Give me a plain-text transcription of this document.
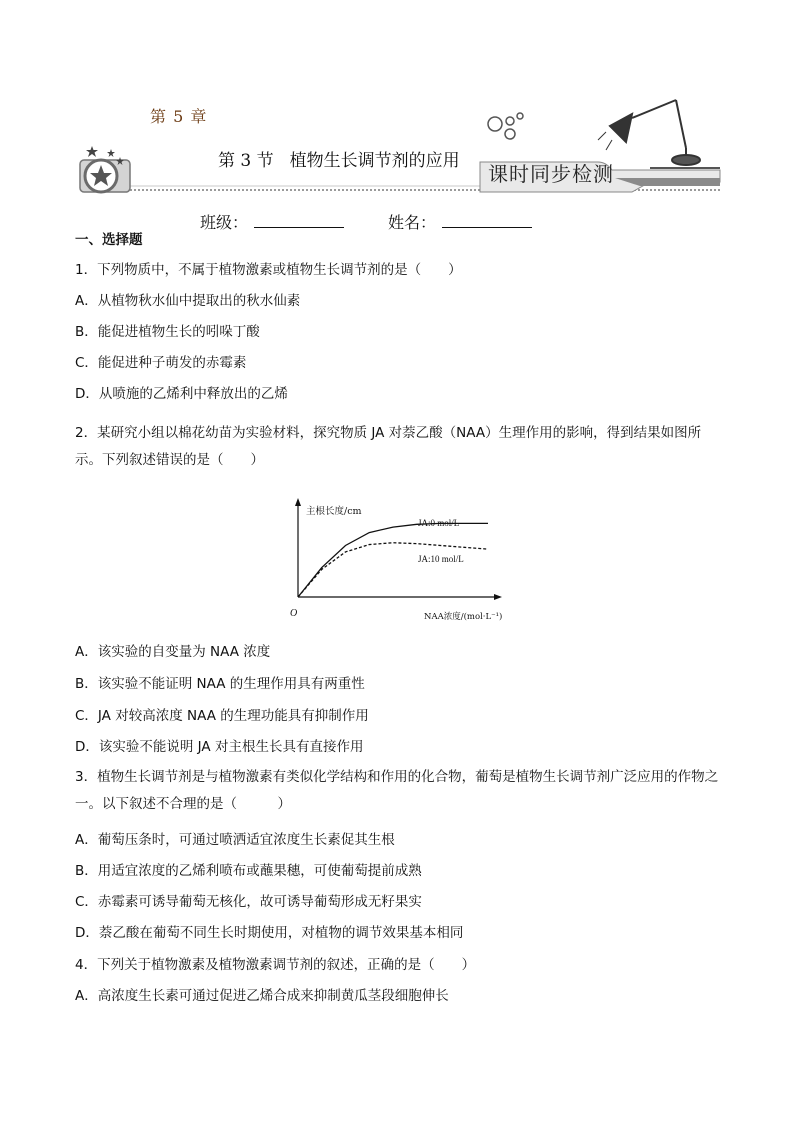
第 5 章
第 3 节 植物生长调节剂的应用
课时同步检测
班级：	姓名：
一、选择题
1．下列物质中，不属于植物激素或植物生长调节剂的是（　　）
A．从植物秋水仙中提取出的秋水仙素
B．能促进植物生长的吲哚丁酸
C．能促进种子萌发的赤霉素
D．从喷施的乙烯利中释放出的乙烯
2．某研究小组以棉花幼苗为实验材料，探究物质 JA 对萘乙酸（NAA）生理作用的影响，得到结果如图所示。下列叙述错误的是（　　）
JA:0 mol/L
JA:10 mol/L
主根长度/cm
NAA浓度/(mol·L⁻¹)
O
A．该实验的自变量为 NAA 浓度
B．该实验不能证明 NAA 的生理作用具有两重性
C．JA 对较高浓度 NAA 的生理功能具有抑制作用
D．该实验不能说明 JA 对主根生长具有直接作用
3．植物生长调节剂是与植物激素有类似化学结构和作用的化合物，葡萄是植物生长调节剂广泛应用的作物之一。以下叙述不合理的是（　　　）
A．葡萄压条时，可通过喷洒适宜浓度生长素促其生根
B．用适宜浓度的乙烯利喷布或蘸果穗，可使葡萄提前成熟
C．赤霉素可诱导葡萄无核化，故可诱导葡萄形成无籽果实
D．萘乙酸在葡萄不同生长时期使用，对植物的调节效果基本相同
4．下列关于植物激素及植物激素调节剂的叙述，正确的是（　　）
A．高浓度生长素可通过促进乙烯合成来抑制黄瓜茎段细胞伸长
